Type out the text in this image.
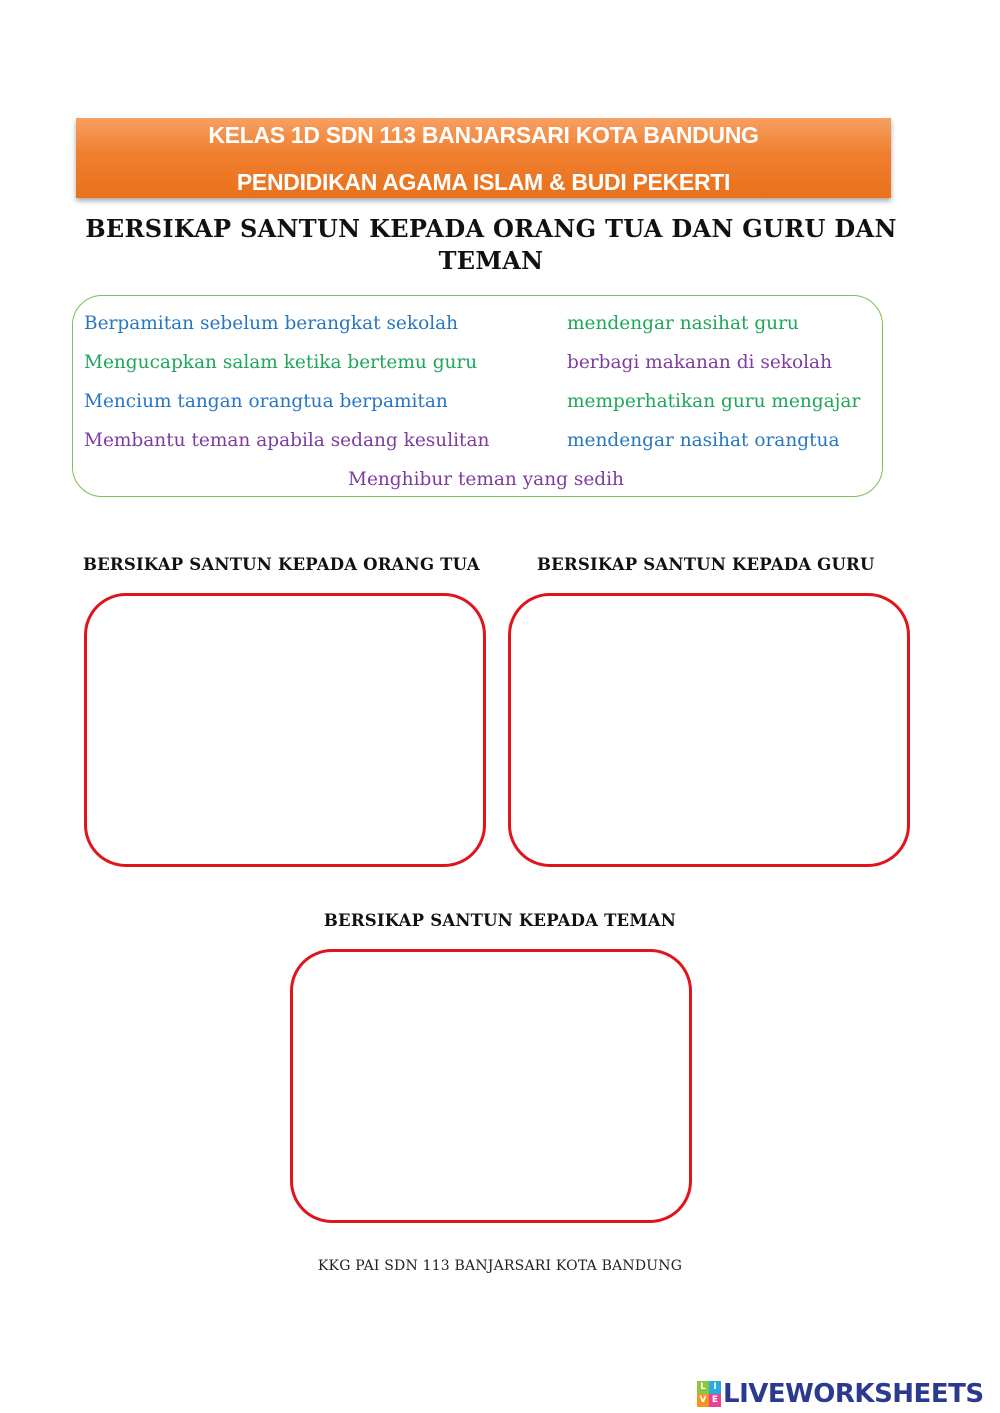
KELAS 1D SDN 113 BANJARSARI KOTA BANDUNG
PENDIDIKAN AGAMA ISLAM & BUDI PEKERTI
BERSIKAP SANTUN KEPADA ORANG TUA DAN GURU DAN
TEMAN
Berpamitan sebelum berangkat sekolah	mendengar nasihat guru
Mengucapkan salam ketika bertemu guru	berbagi makanan di sekolah
Mencium tangan orangtua berpamitan	memperhatikan guru mengajar
Membantu teman apabila sedang kesulitan	mendengar nasihat orangtua
Menghibur teman yang sedih
BERSIKAP SANTUN KEPADA ORANG TUA	BERSIKAP SANTUN KEPADA GURU
BERSIKAP SANTUN KEPADA TEMAN
KKG PAI SDN 113 BANJARSARI KOTA BANDUNG
L I
V E LIVEWORKSHEETS
